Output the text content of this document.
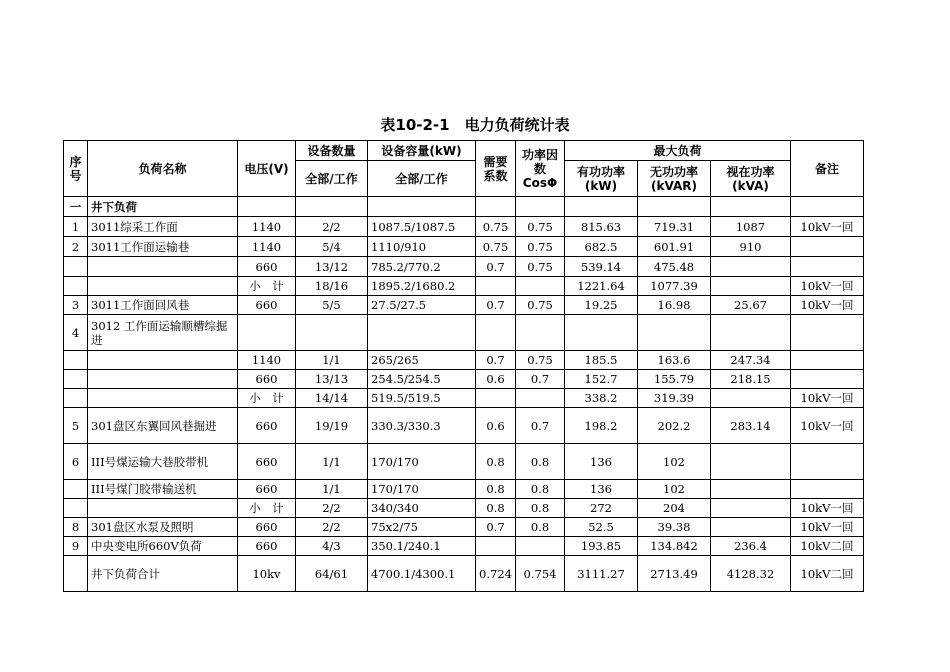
表10-2-1　电力负荷统计表
序号	负荷名称	电压(V)	设备数量	设备容量(kW)	需要系数	功率因数CosΦ	最大负荷			备注
			全部/工作	全部/工作			有功功率(kW)	无功功率(kVAR)	视在功率(kVA)	
一	井下负荷									
1	3011综采工作面	1140	2/2	1087.5/1087.5	0.75	0.75	815.63	719.31	1087	10kV一回
2	3011工作面运输巷	1140	5/4	1110/910	0.75	0.75	682.5	601.91	910	
		660	13/12	785.2/770.2	0.7	0.75	539.14	475.48		
		小　计	18/16	1895.2/1680.2			1221.64	1077.39		10kV一回
3	3011工作面回风巷	660	5/5	27.5/27.5	0.7	0.75	19.25	16.98	25.67	10kV一回
4	3012 工作面运输顺槽综掘进									
		1140	1/1	265/265	0.7	0.75	185.5	163.6	247.34	
		660	13/13	254.5/254.5	0.6	0.7	152.7	155.79	218.15	
		小　计	14/14	519.5/519.5			338.2	319.39		10kV一回
5	301盘区东翼回风巷掘进	660	19/19	330.3/330.3	0.6	0.7	198.2	202.2	283.14	10kV一回
6	III号煤运输大巷胶带机	660	1/1	170/170	0.8	0.8	136	102		
	III号煤门胶带输送机	660	1/1	170/170	0.8	0.8	136	102		
		小　计	2/2	340/340	0.8	0.8	272	204		10kV一回
8	301盘区水泵及照明	660	2/2	75x2/75	0.7	0.8	52.5	39.38		10kV一回
9	中央变电所660V负荷	660	4/3	350.1/240.1			193.85	134.842	236.4	10kV二回
	井下负荷合计	10kv	64/61	4700.1/4300.1	0.724	0.754	3111.27	2713.49	4128.32	10kV二回
